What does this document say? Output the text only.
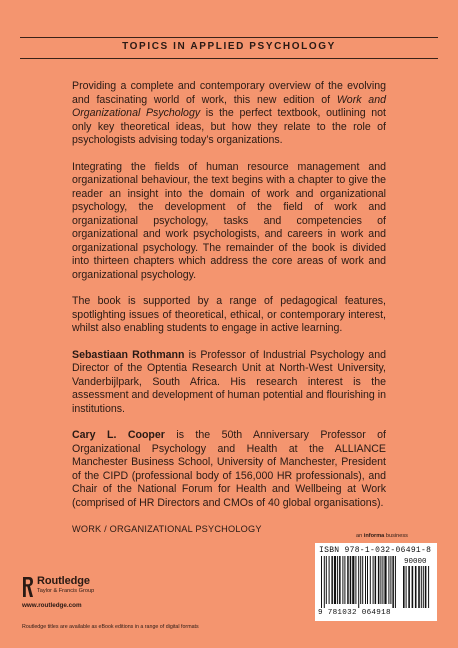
TOPICS IN APPLIED PSYCHOLOGY

Providing a complete and contemporary overview of the evolving and fascinating world of work, this new edition of Work and Organizational Psychology is the perfect textbook, outlining not only key theoretical ideas, but how they relate to the role of psychologists advising today’s organizations.

Integrating the fields of human resource management and organizational behaviour, the text begins with a chapter to give the reader an insight into the domain of work and organizational psychology, the development of the field of work and organizational psychology, tasks and competencies of organizational and work psychologists, and careers in work and organizational psychology. The remainder of the book is divided into thirteen chapters which address the core areas of work and organizational psychology.

The book is supported by a range of pedagogical features, spotlighting issues of theoretical, ethical, or contemporary interest, whilst also enabling students to engage in active learning.

Sebastiaan Rothmann is Professor of Industrial Psychology and Director of the Optentia Research Unit at North-West University, Vanderbijlpark, South Africa. His research interest is the assessment and development of human potential and flourishing in institutions.

Cary L. Cooper is the 50th Anniversary Professor of Organizational Psychology and Health at the ALLIANCE Manchester Business School, University of Manchester, President of the CIPD (professional body of 156,000 HR professionals), and Chair of the National Forum for Health and Wellbeing at Work (comprised of HR Directors and CMOs of 40 global organisations).

WORK / ORGANIZATIONAL PSYCHOLOGY
an informa business
ISBN 978-1-032-06491-8
90000
9 781032 064918
Routledge
Taylor & Francis Group
www.routledge.com
Routledge titles are available as eBook editions in a range of digital formats
